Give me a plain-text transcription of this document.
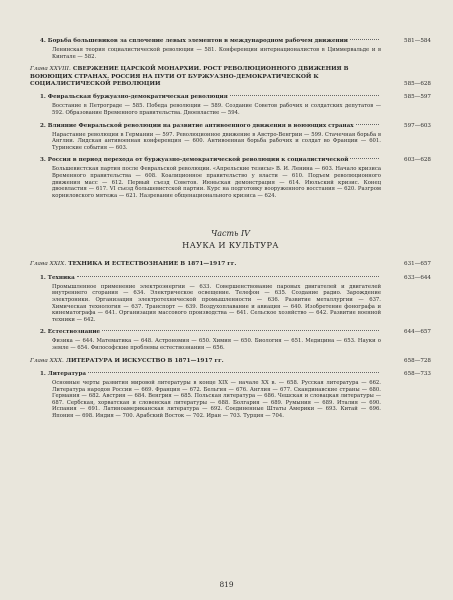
4. Борьба большевиков за сплочение левых элементов в международном рабочем движении	581—584
Ленинская теория социалистической революции — 581. Конференции интернационалистов в Циммервальде и в Кинтале — 582.
Глава XXVIII. СВЕРЖЕНИЕ ЦАРСКОЙ МОНАРХИИ. РОСТ РЕВОЛЮЦИОННОГО ДВИЖЕНИЯ В ВОЮЮЩИХ СТРАНАХ. РОССИЯ НА ПУТИ ОТ БУРЖУАЗНО-ДЕМОКРАТИЧЕСКОЙ К СОЦИАЛИСТИЧЕСКОЙ РЕВОЛЮЦИИ	585—628
1. Февральская буржуазно-демократическая революция	585—597
Восстание в Петрограде — 585. Победа революции — 589. Создание Советов рабочих и солдатских депутатов — 592. Образование Временного правительства. Двоевластие — 594.
2. Влияние Февральской революции на развитие антивоенного движения в воюющих странах	597—603
Нарастание революции в Германии — 597. Революционное движение в Австро-Венгрии — 599. Стачечная борьба в Англии. Лидская антивоенная конференция — 600. Антивоенная борьба рабочих и солдат во Франции — 601. Туринские события — 603.
3. Россия в период перехода от буржуазно-демократической революции к социалистической	603—628
Большевистская партия после Февральской революции. «Апрельские тезисы» В. И. Ленина — 603. Начало кризиса Временного правительства — 608. Коалиционное правительство у власти — 610. Подъем революционного движения масс — 612. Первый съезд Советов. Июньская демонстрация — 614. Июльский кризис. Конец двоевластия — 617. VI съезд большевистской партии. Курс на подготовку вооруженного восстания — 620. Разгром корниловского мятежа — 621. Назревание общенационального кризиса — 624.
Часть IV
НАУКА И КУЛЬТУРА
Глава XXIX. ТЕХНИКА И ЕСТЕСТВОЗНАНИЕ В 1871—1917 гг.	631—657
1. Техника	633—644
Промышленное применение электроэнергии — 633. Совершенствование паровых двигателей и двигателей внутреннего сгорания — 634. Электрическое освещение. Телефон — 635. Создание радио. Зарождение электроники. Организация электротехнической промышленности — 636. Развитие металлургии — 637. Химическая технология — 637. Транспорт — 639. Воздухоплавание и авиация — 640. Изобретение фонографа и кинематографа — 641. Организация массового производства — 641. Сельское хозяйство — 642. Развитие военной техники — 642.
2. Естествознание	644—657
Физика — 644. Математика — 648. Астрономия — 650. Химия — 650. Биология — 651. Медицина — 653. Науки о земле — 654. Философские проблемы естествознания — 656.
Глава XXX. ЛИТЕРАТУРА И ИСКУССТВО В 1871—1917 гг.	658—728
1. Литература	658—733
Основные черты развития мировой литературы в конце XIX — начале XX в. — 658. Русская литература — 662. Литература народов России — 669. Франция — 672. Бельгия — 676. Англия — 677. Скандинавские страны — 680. Германия — 682. Австрия — 684. Венгрия — 685. Польская литература — 686. Чешская и словацкая литературы — 687. Сербская, хорватская и словенская литературы — 688. Болгария — 689. Румыния — 689. Италия — 690. Испания — 691. Латиноамериканская литература — 692. Соединенные Штаты Америки — 693. Китай — 696. Япония — 698. Индия — 700. Арабский Восток — 702. Иран — 703. Турция — 704.
819
